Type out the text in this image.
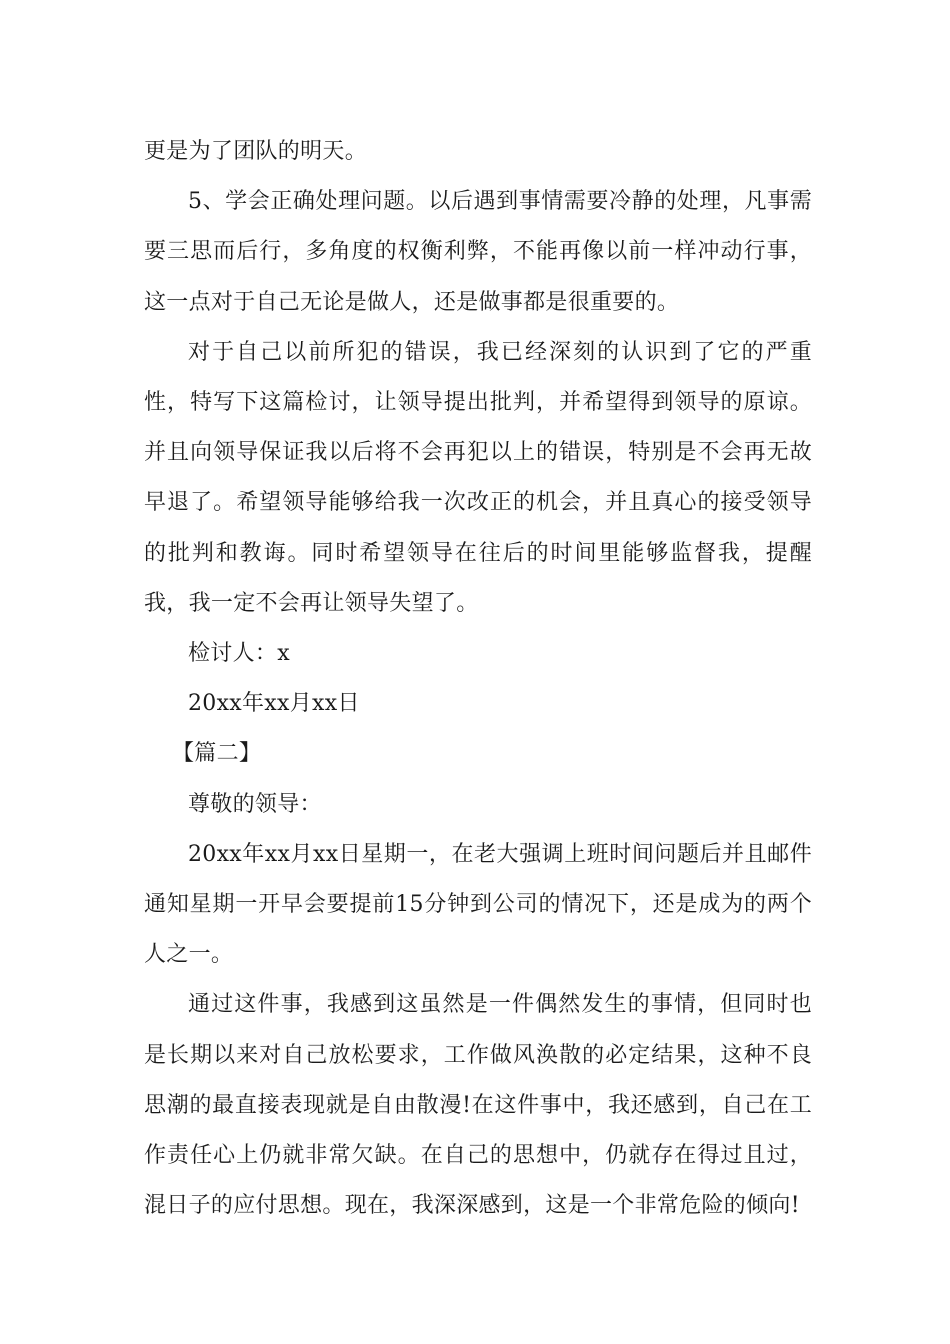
更是为了团队的明天。

5、学会正确处理问题。以后遇到事情需要冷静的处理，凡事需要三思而后行，多角度的权衡利弊，不能再像以前一样冲动行事，这一点对于自己无论是做人，还是做事都是很重要的。

对于自己以前所犯的错误，我已经深刻的认识到了它的严重性，特写下这篇检讨，让领导提出批判，并希望得到领导的原谅。并且向领导保证我以后将不会再犯以上的错误，特别是不会再无故早退了。希望领导能够给我一次改正的机会，并且真心的接受领导的批判和教诲。同时希望领导在往后的时间里能够监督我，提醒我，我一定不会再让领导失望了。

检讨人：x

20xx年xx月xx日

【篇二】

尊敬的领导：

20xx年xx月xx日星期一，在老大强调上班时间问题后并且邮件通知星期一开早会要提前15分钟到公司的情况下，还是成为的两个人之一。

通过这件事，我感到这虽然是一件偶然发生的事情，但同时也是长期以来对自己放松要求，工作做风涣散的必定结果，这种不良思潮的最直接表现就是自由散漫!在这件事中，我还感到，自己在工作责任心上仍就非常欠缺。在自己的思想中，仍就存在得过且过，混日子的应付思想。现在，我深深感到，这是一个非常危险的倾向!
